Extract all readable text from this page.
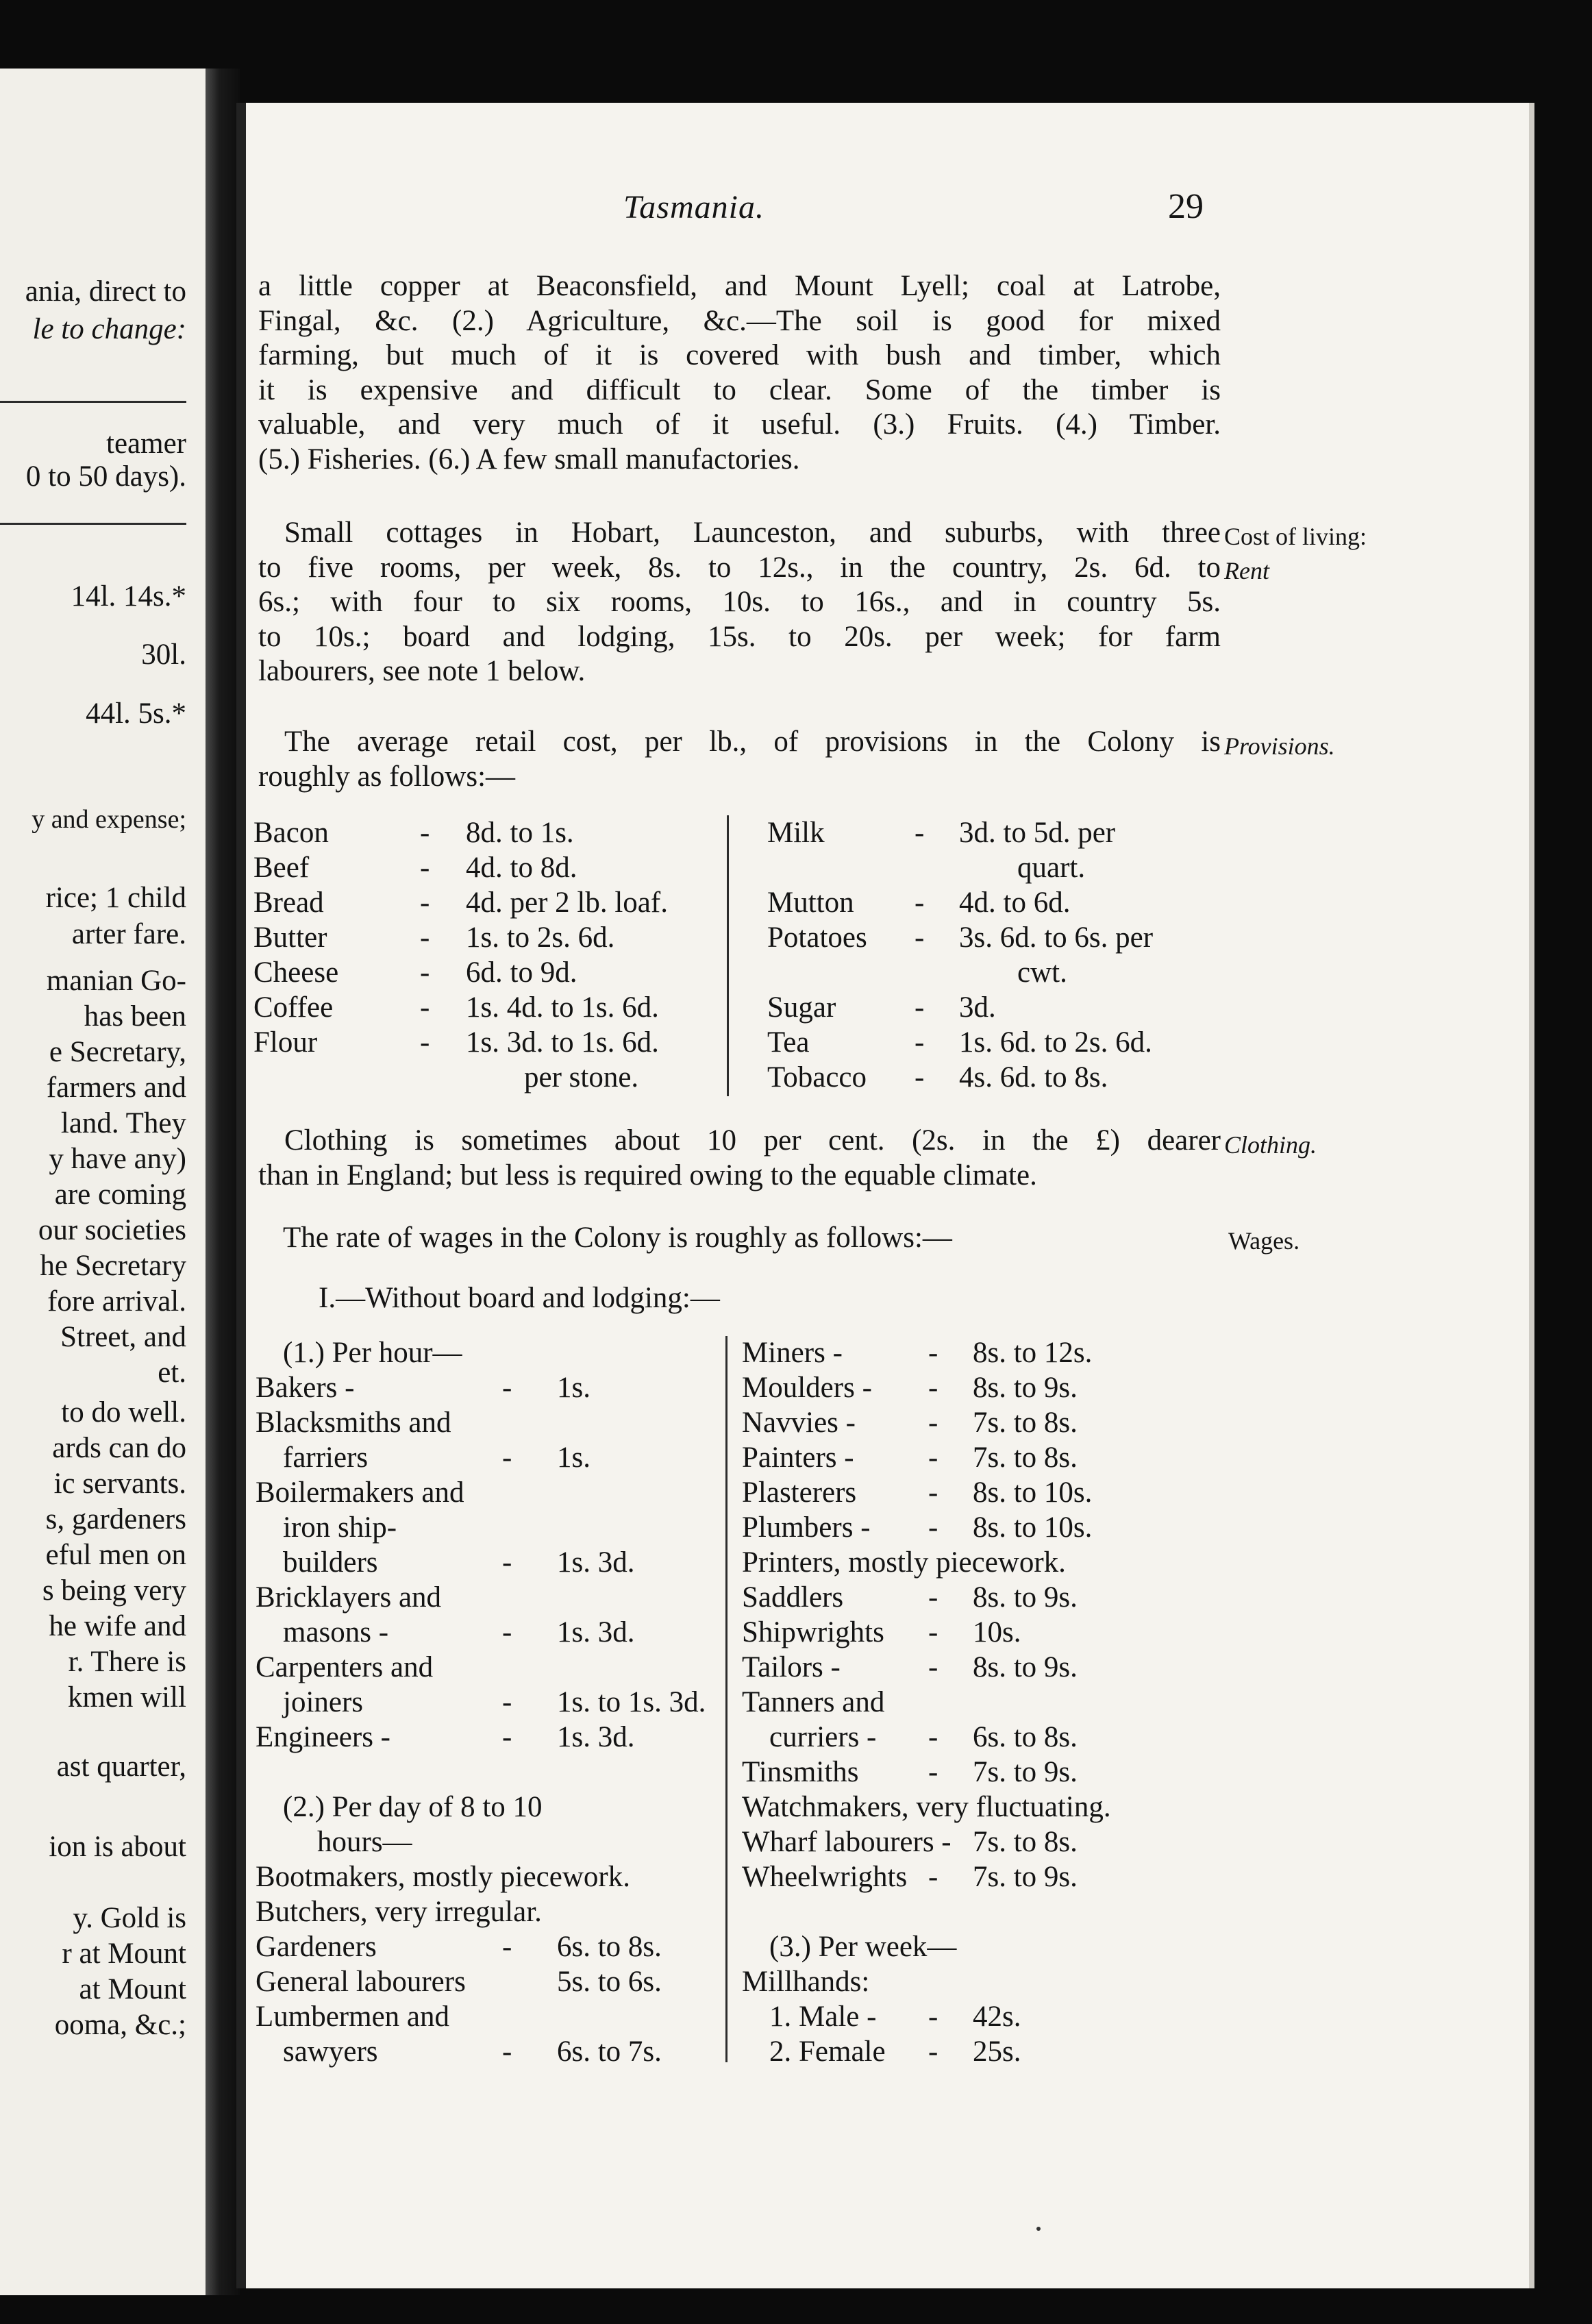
ania, direct to
le to change:
teamer
0 to 50 days).
14l. 14s.*
30l.
44l. 5s.*
y and expense;
rice; 1 child
arter fare.
manian Go-
has been
e Secretary,
farmers and
land. They
y have any)
are coming
our societies
he Secretary
fore arrival.
Street, and
et.
to do well.
ards can do
ic servants.
s, gardeners
eful men on
s being very
he wife and
r. There is
kmen will
ast quarter,
ion is about
y. Gold is
r at Mount
at Mount
ooma, &c.;
Tasmania.	29
a little copper at Beaconsfield, and Mount Lyell; coal at Latrobe,
Fingal, &c. (2.) Agriculture, &c.—The soil is good for mixed
farming, but much of it is covered with bush and timber, which
it is expensive and difficult to clear. Some of the timber is
valuable, and very much of it useful. (3.) Fruits. (4.) Timber.
(5.) Fisheries. (6.) A few small manufactories.
Small cottages in Hobart, Launceston, and suburbs, with three
to five rooms, per week, 8s. to 12s., in the country, 2s. 6d. to
6s.; with four to six rooms, 10s. to 16s., and in country 5s.
to 10s.; board and lodging, 15s. to 20s. per week; for farm
labourers, see note 1 below.
Cost of living:
Rent
The average retail cost, per lb., of provisions in the Colony is
roughly as follows:—
Provisions.
Bacon	- 8d. to 1s.
Beef	- 4d. to 8d.
Bread	- 4d. per 2 lb. loaf.
Butter	- 1s. to 2s. 6d.
Cheese	- 6d. to 9d.
Coffee	- 1s. 4d. to 1s. 6d.
Flour	- 1s. 3d. to 1s. 6d.
per stone.
Milk	- 3d. to 5d. per
quart.
Mutton - 4d. to 6d.
Potatoes - 3s. 6d. to 6s. per
cwt.
Sugar	- 3d.
Tea	- 1s. 6d. to 2s. 6d.
Tobacco - 4s. 6d. to 8s.
Clothing is sometimes about 10 per cent. (2s. in the £) dearer
than in England; but less is required owing to the equable climate.
Clothing.
The rate of wages in the Colony is roughly as follows:—	Wages.
I.—Without board and lodging:—
(1.) Per hour—
Bakers -	- 1s.
Blacksmiths and
farriers	- 1s.
Boilermakers and
iron ship-
builders	- 1s. 3d.
Bricklayers and
masons -	- 1s. 3d.
Carpenters and
joiners	- 1s. to 1s. 3d.
Engineers -	- 1s. 3d.
(2.) Per day of 8 to 10
hours—
Bootmakers, mostly piecework.
Butchers, very irregular.
Gardeners	- 6s. to 8s.
General labourers	5s. to 6s.
Lumbermen and
sawyers	- 6s. to 7s.
Miners -	- 8s. to 12s.
Moulders - - 8s. to 9s.
Navvies - - 7s. to 8s.
Painters -	- 7s. to 8s.
Plasterers - 8s. to 10s.
Plumbers - - 8s. to 10s.
Printers, mostly piecework.
Saddlers	- 8s. to 9s.
Shipwrights - 10s.
Tailors -	- 8s. to 9s.
Tanners and
curriers - - 6s. to 8s.
Tinsmiths - 7s. to 9s.
Watchmakers, very fluctuating.
Wharf labourers - 7s. to 8s.
Wheelwrights - 7s. to 9s.
(3.) Per week—
Millhands:
1. Male - - 42s.
2. Female - 25s.
